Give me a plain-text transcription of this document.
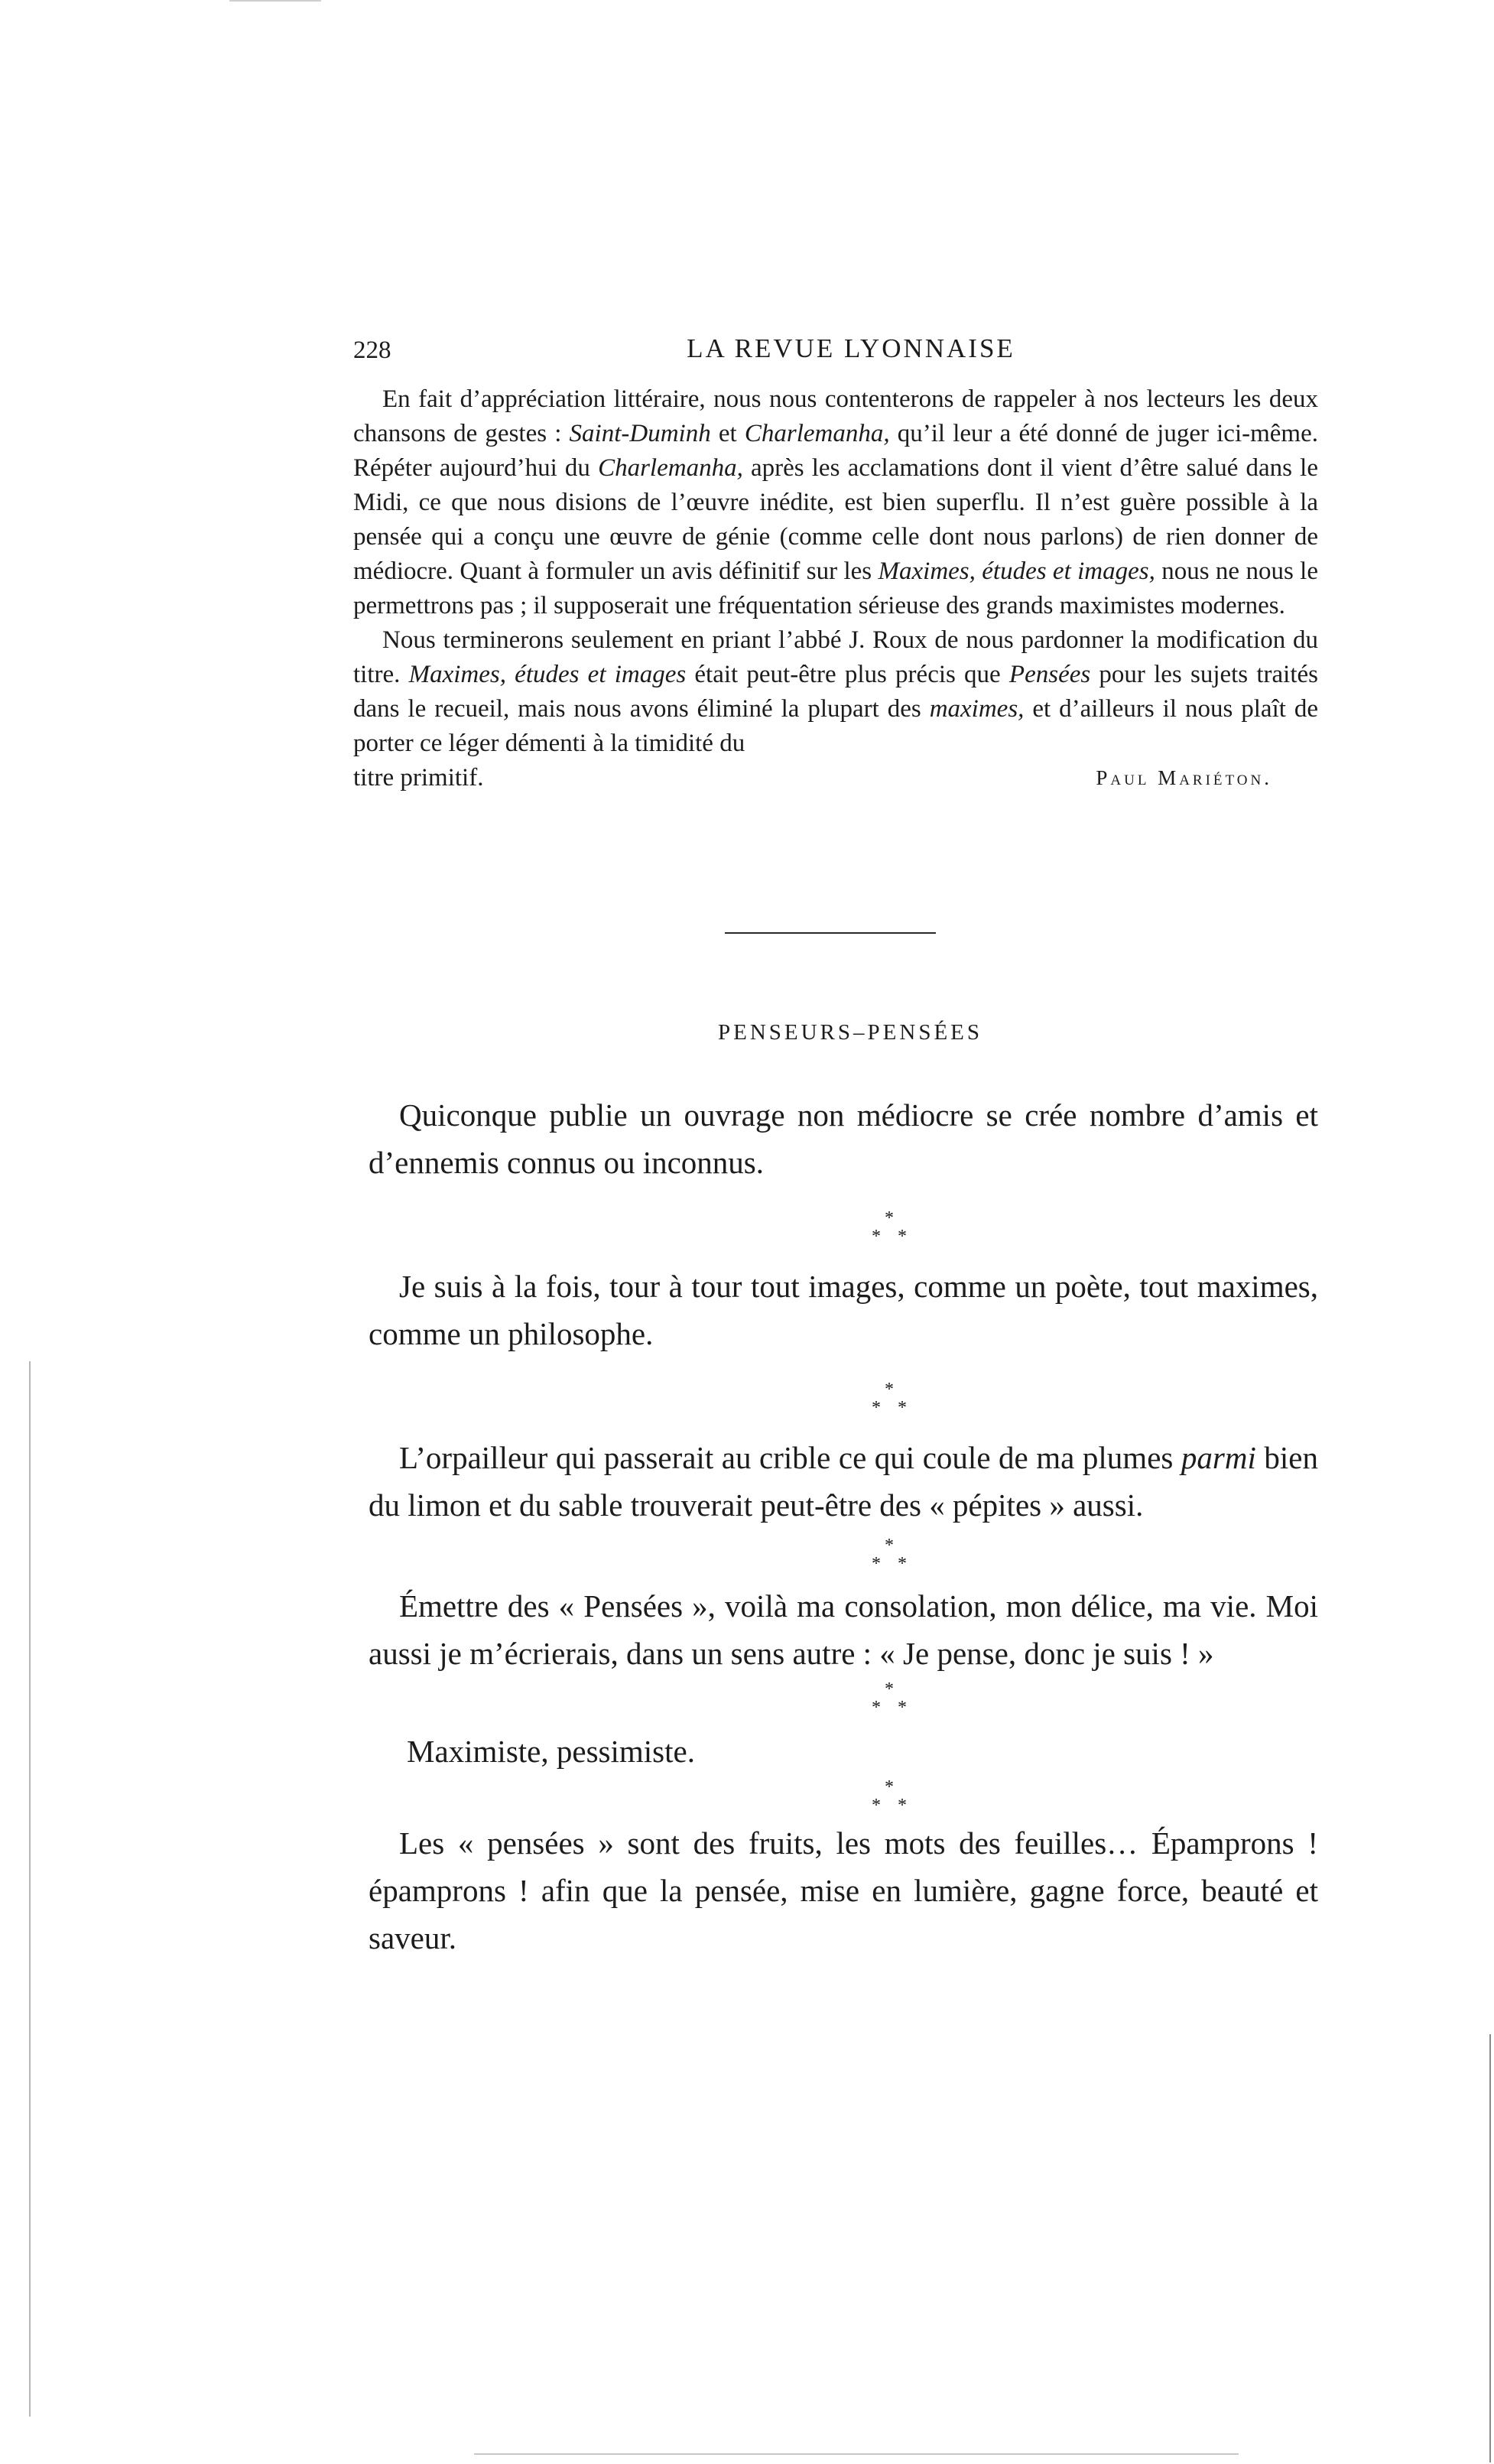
228	LA REVUE LYONNAISE

En fait d’appréciation littéraire, nous nous contenterons de rappeler à nos lecteurs les deux chansons de gestes : Saint-Duminh et Charlemanha, qu’il leur a été donné de juger ici-même. Répéter aujourd’hui du Charlemanha, après les acclamations dont il vient d’être salué dans le Midi, ce que nous disions de l’œuvre inédite, est bien superflu. Il n’est guère possible à la pensée qui a conçu une œuvre de génie (comme celle dont nous parlons) de rien donner de médiocre. Quant à formuler un avis définitif sur les Maximes, études et images, nous ne nous le permettrons pas ; il supposerait une fréquentation sérieuse des grands maximistes modernes.

Nous terminerons seulement en priant l’abbé J. Roux de nous pardonner la modification du titre. Maximes, études et images était peut-être plus précis que Pensées pour les sujets traités dans le recueil, mais nous avons éliminé la plupart des maximes, et d’ailleurs il nous plaît de porter ce léger démenti à la timidité du

titre primitif.	Paul Mariéton.

PENSEURS–PENSÉES

Quiconque publie un ouvrage non médiocre se crée nombre d’amis et d’ennemis connus ou inconnus.

*
* *

Je suis à la fois, tour à tour tout images, comme un poète, tout maximes, comme un philosophe.

*
* *

L’orpailleur qui passerait au crible ce qui coule de ma plumes parmi bien du limon et du sable trouverait peut-être des « pépites » aussi.

*
* *

Émettre des « Pensées », voilà ma consolation, mon délice, ma vie. Moi aussi je m’écrierais, dans un sens autre : « Je pense, donc je suis ! »

*
* *

Maximiste, pessimiste.

*
* *

Les « pensées » sont des fruits, les mots des feuilles… Épamprons ! épamprons ! afin que la pensée, mise en lumière, gagne force, beauté et saveur.
